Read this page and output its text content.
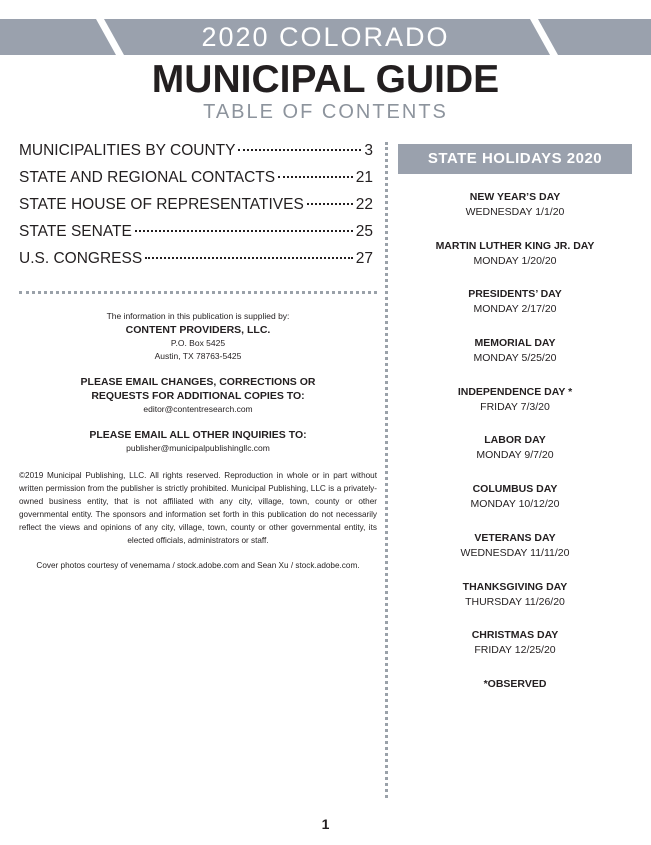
2020 COLORADO
MUNICIPAL GUIDE
TABLE OF CONTENTS
MUNICIPALITIES BY COUNTY	3
STATE AND REGIONAL CONTACTS	21
STATE HOUSE OF REPRESENTATIVES	22
STATE SENATE	25
U.S. CONGRESS	27
The information in this publication is supplied by:
CONTENT PROVIDERS, LLC.
P.O. Box 5425
Austin, TX 78763-5425
PLEASE EMAIL CHANGES, CORRECTIONS OR
REQUESTS FOR ADDITIONAL COPIES TO:
editor@contentresearch.com
PLEASE EMAIL ALL OTHER INQUIRIES TO:
publisher@municipalpublishingllc.com
©2019 Municipal Publishing, LLC. All rights reserved. Reproduction in whole or in part without written permission from the publisher is strictly prohibited. Municipal Publishing, LLC is a privately-owned business entity, that is not affiliated with any city, village, town, county or other governmental entity. The sponsors and information set forth in this publication do not necessarily reflect the views and opinions of any city, village, town, county or other governmental entity, its elected officials, administrators or staff.
Cover photos courtesy of venemama / stock.adobe.com and Sean Xu / stock.adobe.com.
STATE HOLIDAYS 2020
NEW YEAR’S DAY
WEDNESDAY 1/1/20
MARTIN LUTHER KING JR. DAY
MONDAY 1/20/20
PRESIDENTS’ DAY
MONDAY 2/17/20
MEMORIAL DAY
MONDAY 5/25/20
INDEPENDENCE DAY *
FRIDAY 7/3/20
LABOR DAY
MONDAY 9/7/20
COLUMBUS DAY
MONDAY 10/12/20
VETERANS DAY
WEDNESDAY 11/11/20
THANKSGIVING DAY
THURSDAY 11/26/20
CHRISTMAS DAY
FRIDAY 12/25/20
*OBSERVED
1
